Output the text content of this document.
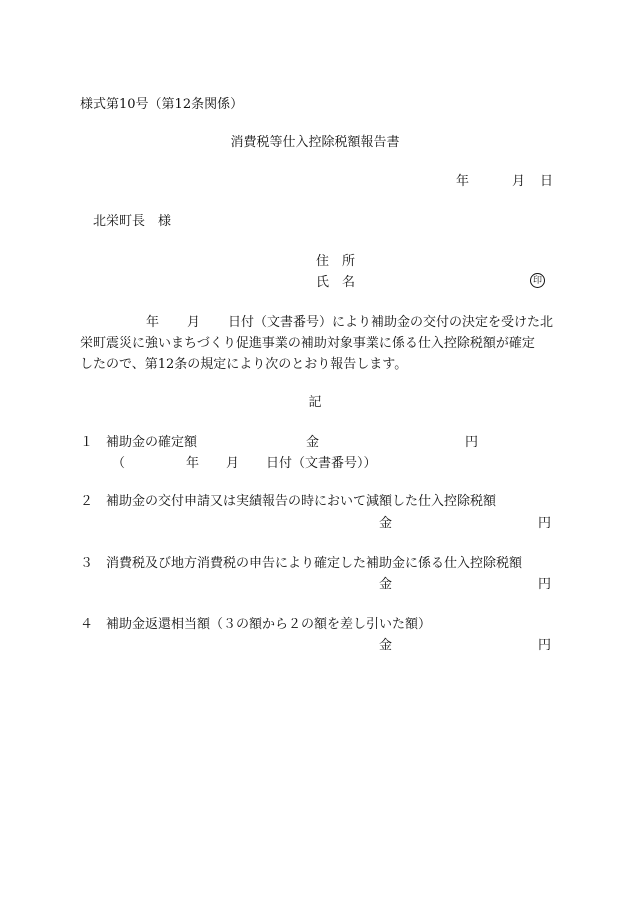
様式第10号（第12条関係）
消費税等仕入控除税額報告書
年	月 日
北栄町長　様
住　所
氏　名	印
年 月 日付（文書番号）により補助金の交付の決定を受けた北
栄町震災に強いまちづくり促進事業の補助対象事業に係る仕入控除税額が確定
したので、第12条の規定により次のとおり報告します。
記
１ 補助金の確定額	金	円
（	年 月 日付（文書番号））
２ 補助金の交付申請又は実績報告の時において減額した仕入控除税額
金	円
３ 消費税及び地方消費税の申告により確定した補助金に係る仕入控除税額
金	円
４ 補助金返還相当額（３の額から２の額を差し引いた額）
金	円
